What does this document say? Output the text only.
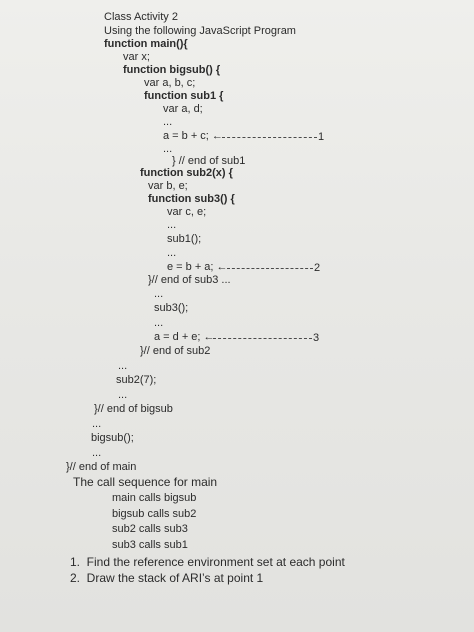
Class Activity 2
Using the following JavaScript Program
function main(){
var x;
function bigsub() {
var a, b, c;
function sub1 {
var a, d;
...
a = b + c; ←	1
...
} // end of sub1
function sub2(x) {
var b, e;
function sub3() {
var c, e;
...
sub1();
...
e = b + a; ←	2
}// end of sub3 ...
...
sub3();
...
a = d + e; ←	3
}// end of sub2
...
sub2(7);
...
}// end of bigsub
...
bigsub();
...
}// end of main
The call sequence for main
main calls bigsub
bigsub calls sub2
sub2 calls sub3
sub3 calls sub1
1.  Find the reference environment set at each point
2.  Draw the stack of ARI’s at point 1
